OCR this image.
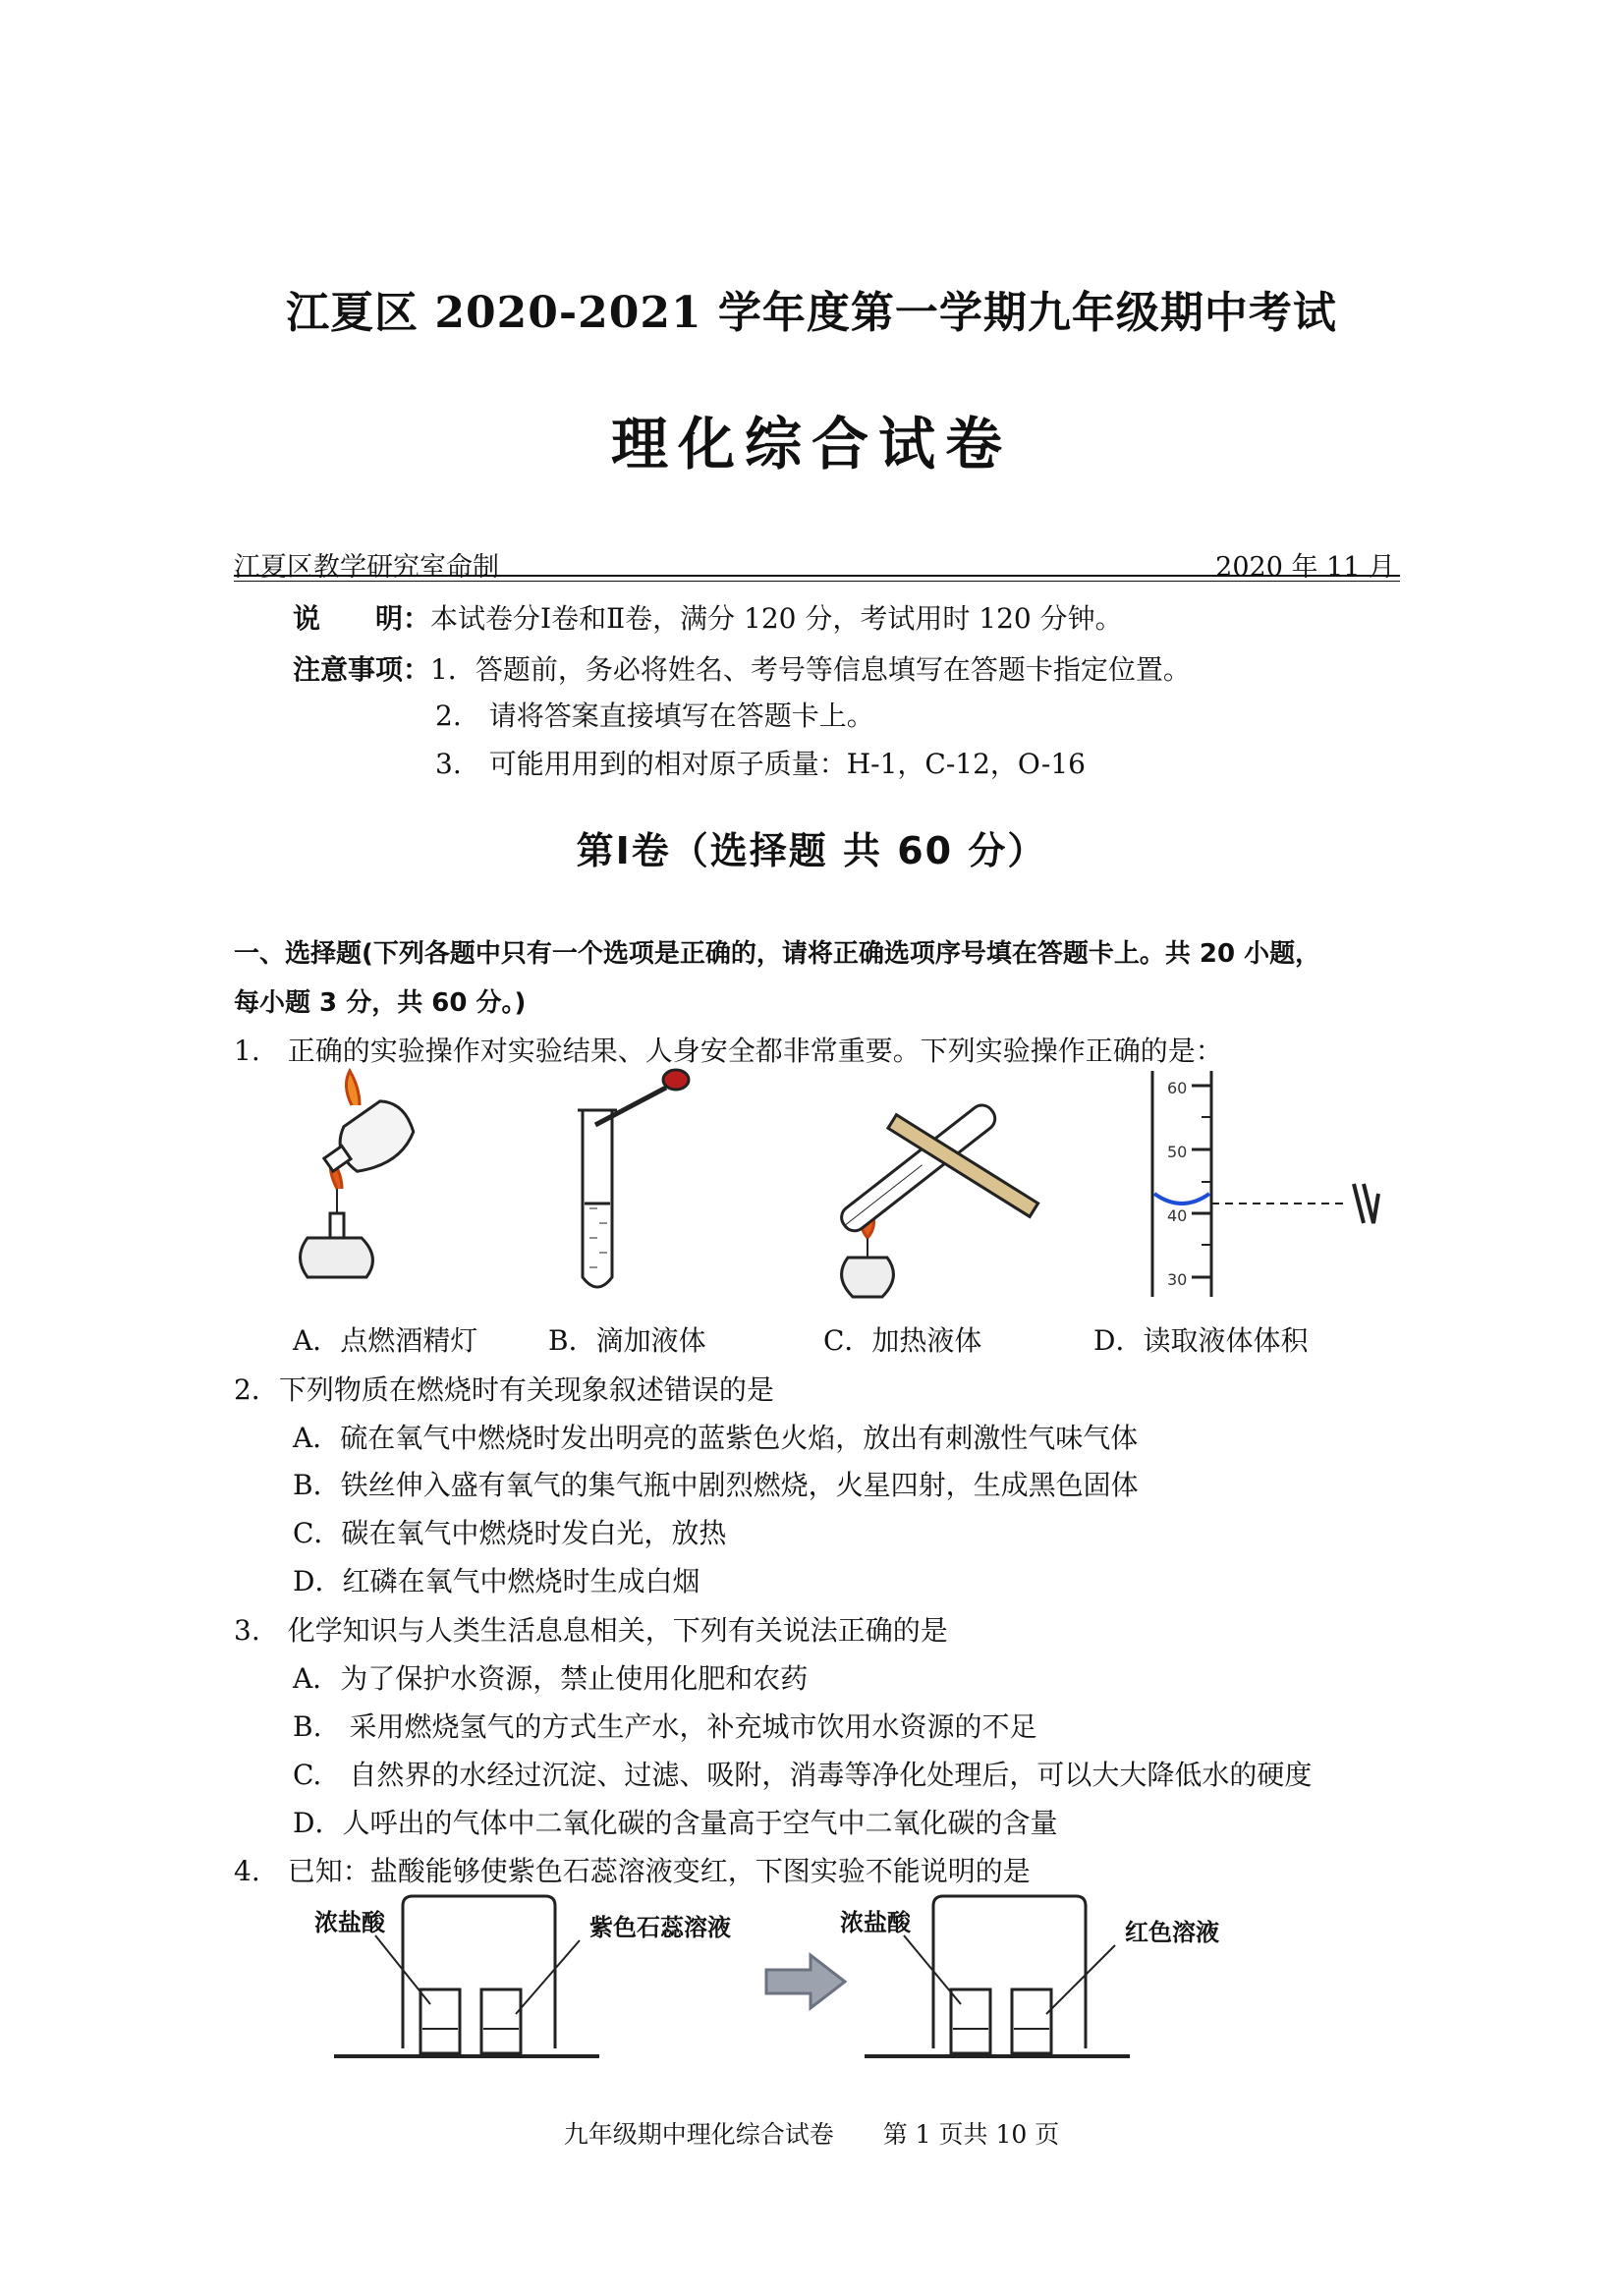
江夏区 2020-2021 学年度第一学期九年级期中考试
理化综合试卷
江夏区教学研究室命制	2020 年 11 月
说　　明：本试卷分Ⅰ卷和Ⅱ卷，满分 120 分，考试用时 120 分钟。
注意事项：1．答题前，务必将姓名、考号等信息填写在答题卡指定位置。
2.　请将答案直接填写在答题卡上。
3.　可能用用到的相对原子质量：H-1，C-12，O-16
第Ⅰ卷（选择题 共 60 分）
一、选择题(下列各题中只有一个选项是正确的，请将正确选项序号填在答题卡上。共 20 小题，
每小题 3 分，共 60 分。)
1.　正确的实验操作对实验结果、人身安全都非常重要。下列实验操作正确的是：
60
50
40
30
A．点燃酒精灯	B．滴加液体	C．加热液体	D．读取液体体积
2．下列物质在燃烧时有关现象叙述错误的是
A．硫在氧气中燃烧时发出明亮的蓝紫色火焰，放出有刺激性气味气体
B．铁丝伸入盛有氧气的集气瓶中剧烈燃烧，火星四射，生成黑色固体
C．碳在氧气中燃烧时发白光，放热
D．红磷在氧气中燃烧时生成白烟
3.　化学知识与人类生活息息相关，下列有关说法正确的是
A．为了保护水资源，禁止使用化肥和农药
B.　采用燃烧氢气的方式生产水，补充城市饮用水资源的不足
C.　自然界的水经过沉淀、过滤、吸附，消毒等净化处理后，可以大大降低水的硬度
D．人呼出的气体中二氧化碳的含量高于空气中二氧化碳的含量
4.　已知：盐酸能够使紫色石蕊溶液变红，下图实验不能说明的是
浓盐酸	紫色石蕊溶液	浓盐酸	红色溶液
九年级期中理化综合试卷　　第 1 页共 10 页
